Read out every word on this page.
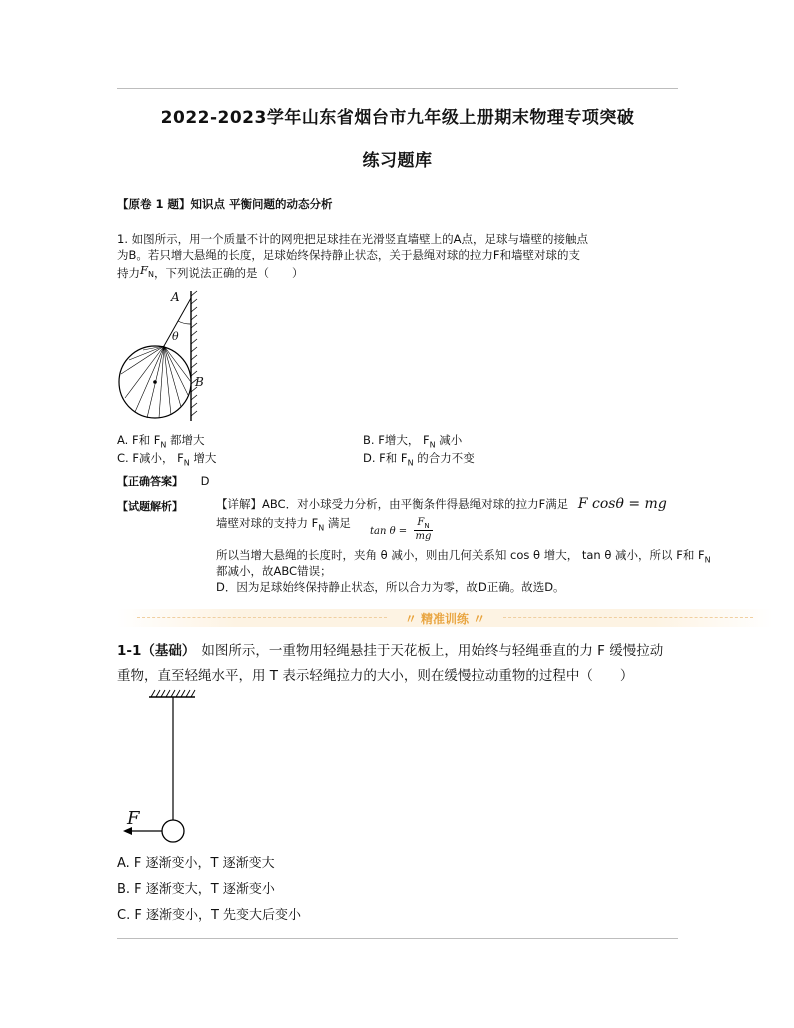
2022-2023学年山东省烟台市九年级上册期末物理专项突破
练习题库
【原卷 1 题】知识点 平衡问题的动态分析
1. 如图所示，用一个质量不计的网兜把足球挂在光滑竖直墙壁上的A点，足球与墙壁的接触点
为B。若只增大悬绳的长度，足球始终保持静止状态，关于悬绳对球的拉力F和墙壁对球的支
持力$F_N$，下列说法正确的是（　　）
A
θ
B
A. F和 $F_N$ 都增大	B. F增大， $F_N$ 减小
C. F减小， $F_N$ 增大	D. F和 $F_N$ 的合力不变
【正确答案】 D
【试题解析】	【详解】ABC．对小球受力分析，由平衡条件得悬绳对球的拉力F满足 F cosθ = mg
墙壁对球的支持力 $F_N$ 满足
$\tan \theta = \frac{F_N}{mg}$
所以当增大悬绳的长度时，夹角 θ 减小，则由几何关系知 cos θ 增大， tan θ 减小，所以 F和 $F_N$
都减小，故ABC错误；
D．因为足球始终保持静止状态，所以合力为零，故D正确。故选D。
〃 精准训练 〃
1-1（基础） 如图所示，一重物用轻绳悬挂于天花板上，用始终与轻绳垂直的力 F 缓慢拉动
重物，直至轻绳水平，用 T 表示轻绳拉力的大小，则在缓慢拉动重物的过程中（　　）
F
A. F 逐渐变小，T 逐渐变大
B. F 逐渐变大，T 逐渐变小
C. F 逐渐变小，T 先变大后变小
